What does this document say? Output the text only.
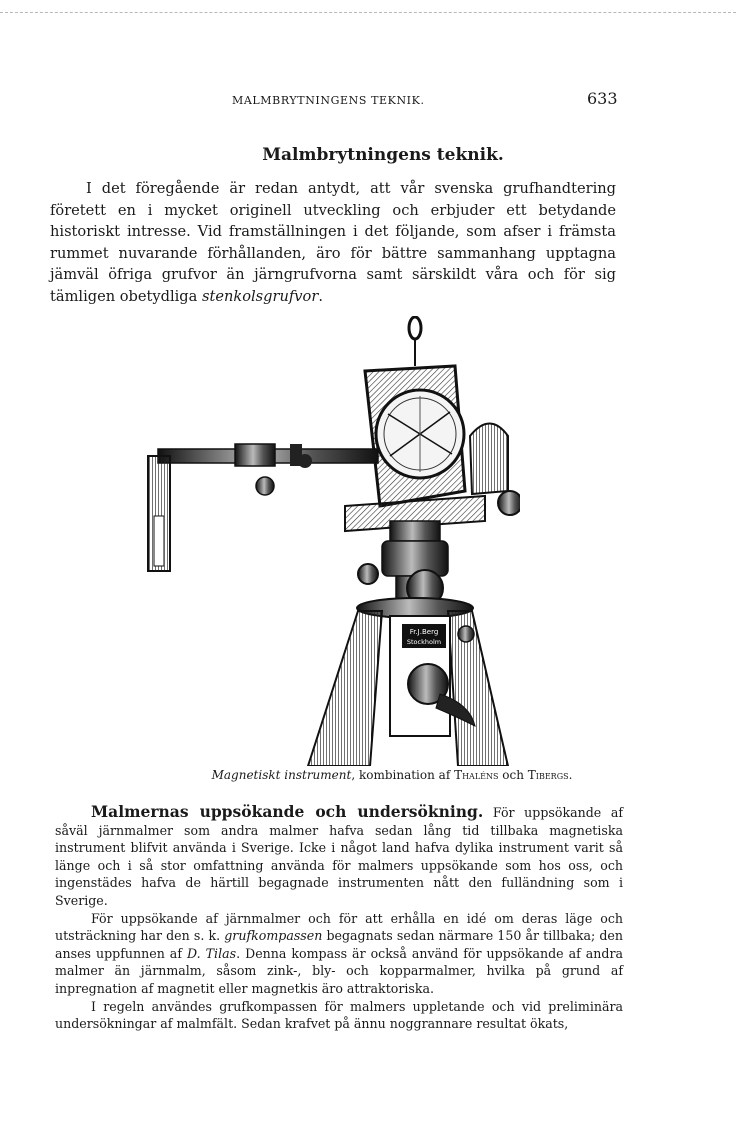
MALMBRYTNINGENS TEKNIK.	633
Malmbrytningens teknik.

I det föregående är redan antydt, att vår svenska grufhandtering företett en i mycket originell utveckling och erbjuder ett betydande historiskt intresse. Vid framställningen i det följande, som afser i främsta rummet nuvarande förhållanden, äro för bättre sammanhang upptagna jämväl öfriga grufvor än järngrufvorna samt särskildt våra och för sig tämligen obetydliga stenkolsgrufvor.

Fr.J.Berg
Stockholm
Magnetiskt instrument, kombination af Thaléns och Tibergs.

Malmernas uppsökande och undersökning. För uppsökande af såväl järnmalmer som andra malmer hafva sedan lång tid tillbaka magnetiska instrument blifvit använda i Sverige. Icke i något land hafva dylika instrument varit så länge och i så stor omfattning använda för malmers uppsökande som hos oss, och ingenstädes hafva de härtill begagnade instrumenten nått den fulländning som i Sverige.

För uppsökande af järnmalmer och för att erhålla en idé om deras läge och utsträckning har den s. k. grufkompassen begagnats sedan närmare 150 år tillbaka; den anses uppfunnen af D. Tilas. Denna kompass är också använd för uppsökande af andra malmer än järnmalm, såsom zink-, bly- och kopparmalmer, hvilka på grund af inpregnation af magnetit eller magnetkis äro attraktoriska.

I regeln användes grufkompassen för malmers uppletande och vid preliminära undersökningar af malmfält. Sedan krafvet på ännu noggrannare resultat ökats,
